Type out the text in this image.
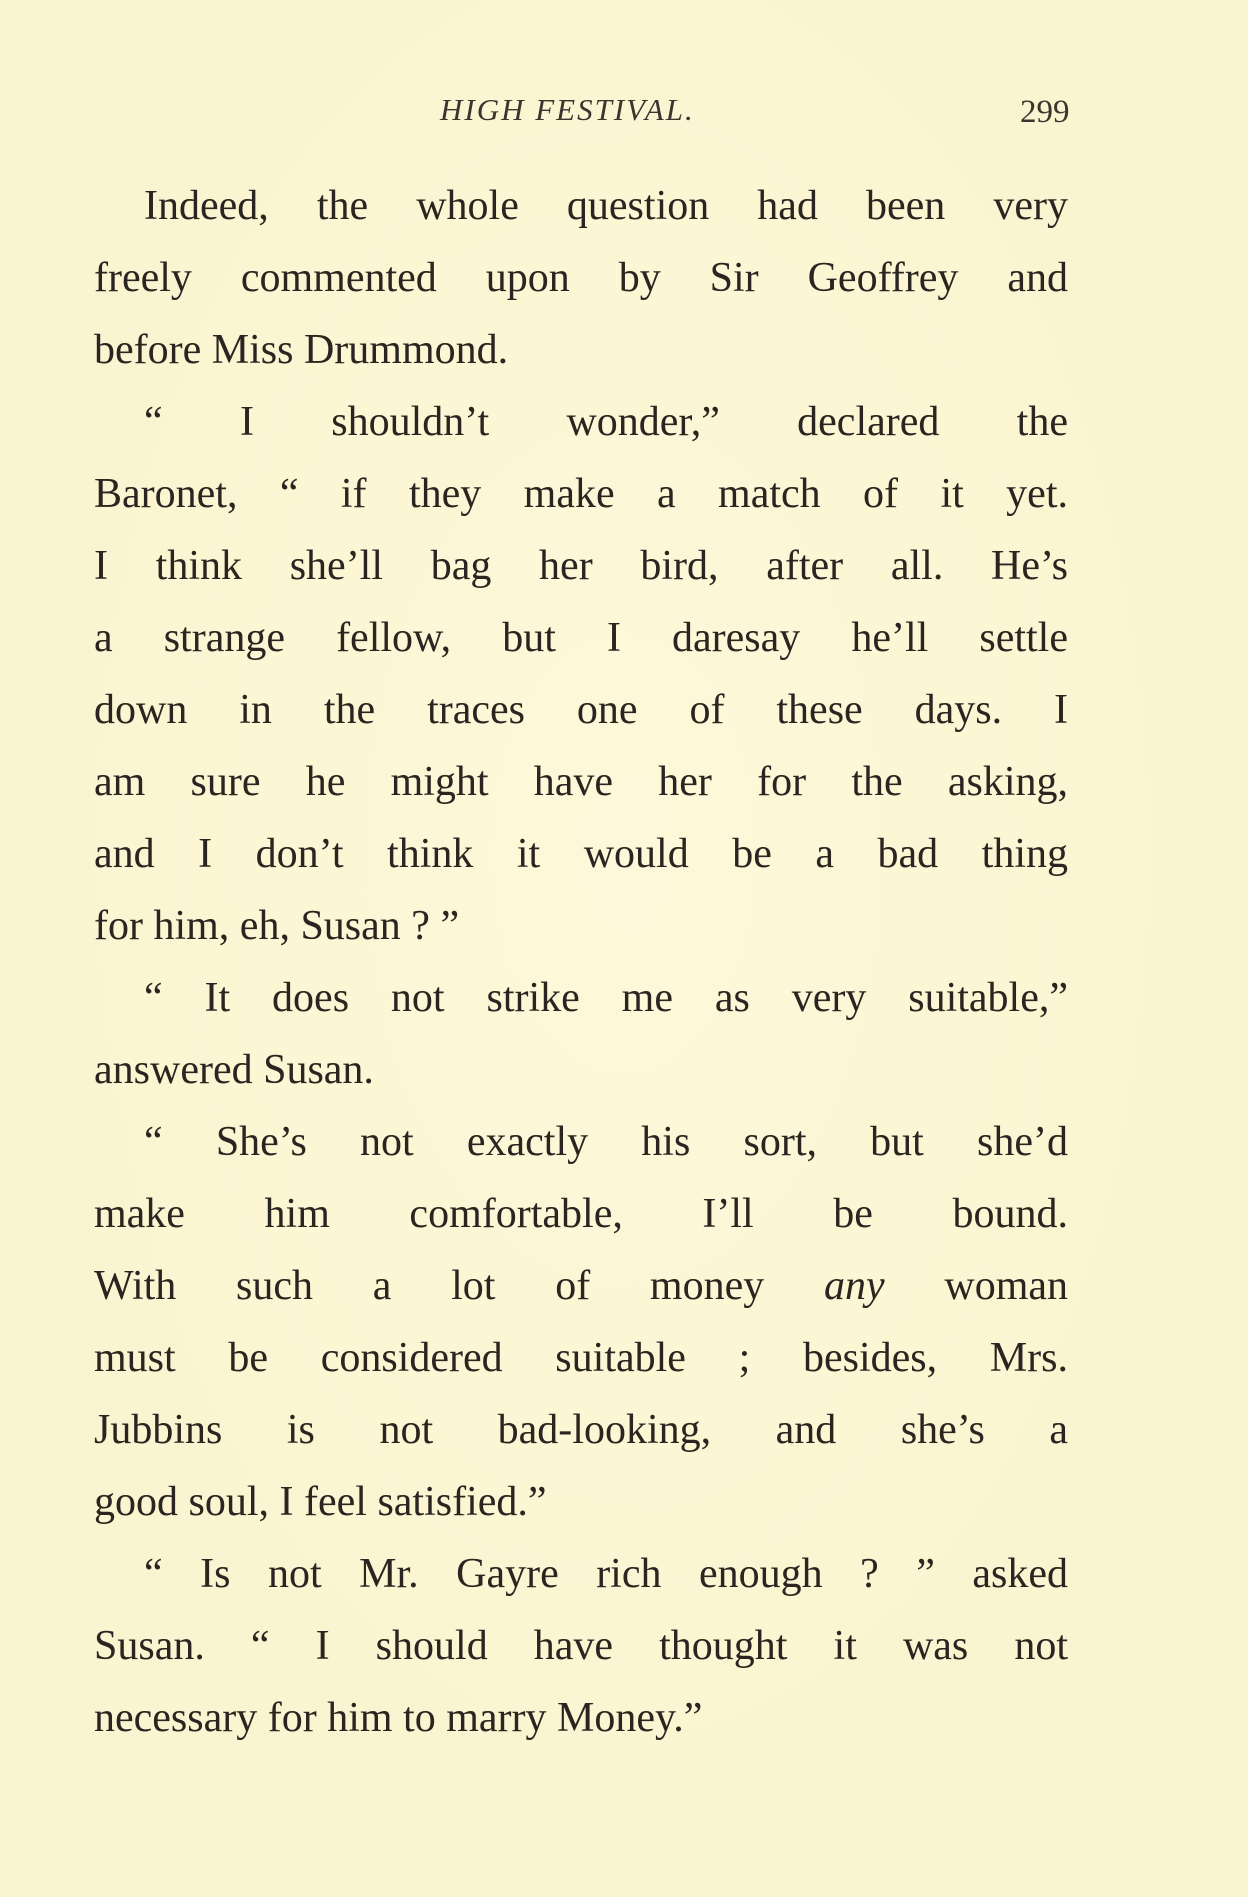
HIGH FESTIVAL.	299
Indeed, the whole question had been very
freely commented upon by Sir Geoffrey and
before Miss Drummond.
“ I shouldn’t wonder,” declared the
Baronet, “ if they make a match of it yet.
I think she’ll bag her bird, after all. He’s
a strange fellow, but I daresay he’ll settle
down in the traces one of these days. I
am sure he might have her for the asking,
and I don’t think it would be a bad thing
for him, eh, Susan ? ”
“ It does not strike me as very suitable,”
answered Susan.
“ She’s not exactly his sort, but she’d
make him comfortable, I’ll be bound.
With such a lot of money any woman
must be considered suitable ; besides, Mrs.
Jubbins is not bad-looking, and she’s a
good soul, I feel satisfied.”
“ Is not Mr. Gayre rich enough ? ” asked
Susan. “ I should have thought it was not
necessary for him to marry Money.”
